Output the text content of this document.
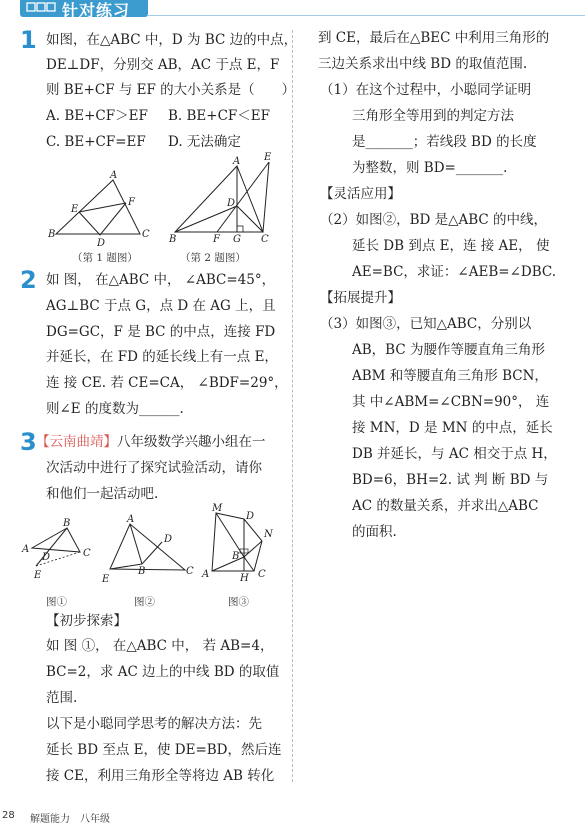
针对练习
1 如图，在△ABC 中，D 为 BC 边的中点，
DE⊥DF，分别交 AB，AC 于点 E，F
则 BE+CF 与 EF 的大小关系是（　　）
A. BE+CF＞EF B. BE+CF＜EF
C. BE+CF=EF D. 无法确定
A
B	C
D
E
F
（第 1 题图）
A E
B	F G C
D
（第 2 题图）
2 如 图， 在△ABC 中， ∠ABC=45°，
AG⊥BC 于点 G，点 D 在 AG 上，且
DG=GC，F 是 BC 的中点，连接 FD
并延长，在 FD 的延长线上有一点 E，
连 接 CE. 若 CE=CA， ∠BDF=29°，
则∠E 的度数为______.
3 【云南曲靖】八年级数学兴趣小组在一
次活动中进行了探究试验活动，请你
和他们一起活动吧.
B
A	C
D
E
图①
A
D
B	C
E
图②
M
D
N
B
A	H C
图③
【初步探索】
如 图 ①， 在△ABC 中， 若 AB=4，
BC=2，求 AC 边上的中线 BD 的取值
范围.
以下是小聪同学思考的解决方法：先
延长 BD 至点 E，使 DE=BD，然后连
接 CE，利用三角形全等将边 AB 转化
到 CE，最后在△BEC 中利用三角形的
三边关系求出中线 BD 的取值范围.
（1）在这个过程中，小聪同学证明
三角形全等用到的判定方法
是_______；若线段 BD 的长度
为整数，则 BD=_______.
【灵活应用】
（2）如图②，BD 是△ABC 的中线，
延长 DB 到点 E，连 接 AE， 使
AE=BC，求证：∠AEB=∠DBC.
【拓展提升】
（3）如图③，已知△ABC，分别以
AB，BC 为腰作等腰直角三角形
ABM 和等腰直角三角形 BCN，
其 中∠ABM=∠CBN=90°， 连
接 MN，D 是 MN 的中点，延长
DB 并延长，与 AC 相交于点 H，
BD=6，BH=2. 试 判 断 BD 与
AC 的数量关系，并求出△ABC
的面积.
28 解题能力　八年级
